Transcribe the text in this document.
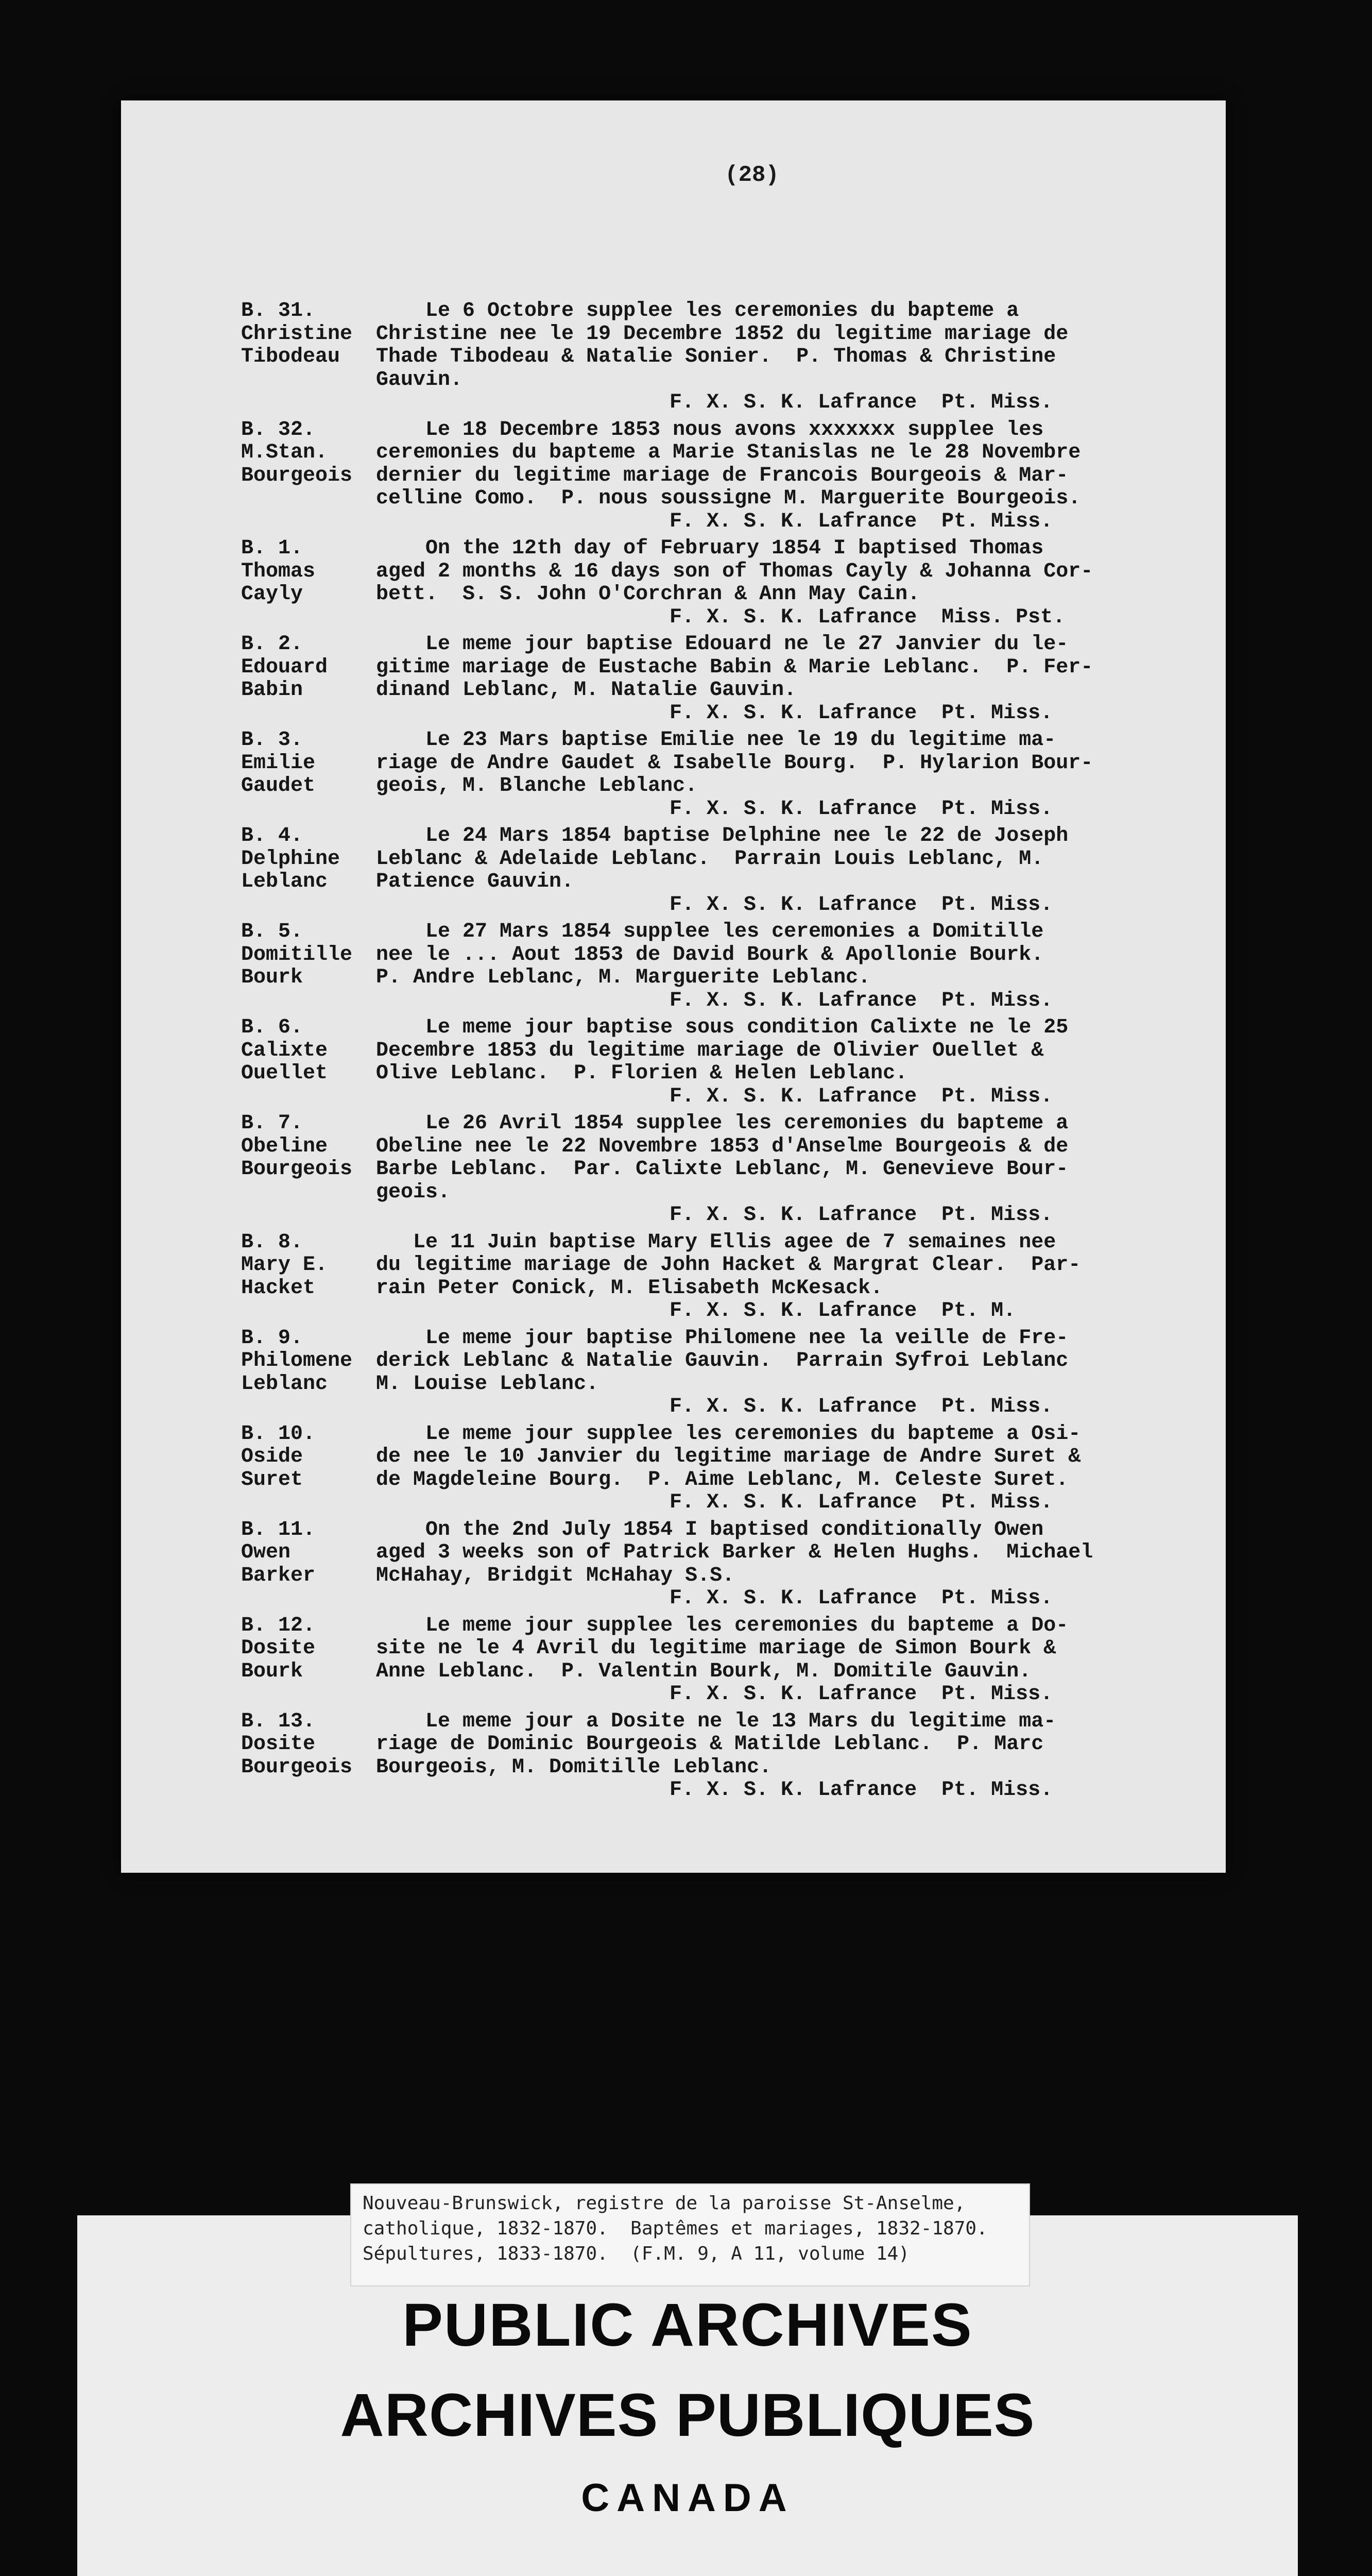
(28)
B. 31.
Christine
Tibodeau
Le 6 Octobre supplee les ceremonies du bapteme a
Christine nee le 19 Decembre 1852 du legitime mariage de
Thade Tibodeau & Natalie Sonier.  P. Thomas & Christine
Gauvin.
F. X. S. K. Lafrance  Pt. Miss.
B. 32.
M.Stan.
Bourgeois
Le 18 Decembre 1853 nous avons xxxxxxx supplee les
ceremonies du bapteme a Marie Stanislas ne le 28 Novembre
dernier du legitime mariage de Francois Bourgeois & Mar-
celline Como.  P. nous soussigne M. Marguerite Bourgeois.
F. X. S. K. Lafrance  Pt. Miss.
B. 1.
Thomas
Cayly
On the 12th day of February 1854 I baptised Thomas
aged 2 months & 16 days son of Thomas Cayly & Johanna Cor-
bett.  S. S. John O'Corchran & Ann May Cain.
F. X. S. K. Lafrance  Miss. Pst.
B. 2.
Edouard
Babin
Le meme jour baptise Edouard ne le 27 Janvier du le-
gitime mariage de Eustache Babin & Marie Leblanc.  P. Fer-
dinand Leblanc, M. Natalie Gauvin.
F. X. S. K. Lafrance  Pt. Miss.
B. 3.
Emilie
Gaudet
Le 23 Mars baptise Emilie nee le 19 du legitime ma-
riage de Andre Gaudet & Isabelle Bourg.  P. Hylarion Bour-
geois, M. Blanche Leblanc.
F. X. S. K. Lafrance  Pt. Miss.
B. 4.
Delphine
Leblanc
Le 24 Mars 1854 baptise Delphine nee le 22 de Joseph
Leblanc & Adelaide Leblanc.  Parrain Louis Leblanc, M.
Patience Gauvin.
F. X. S. K. Lafrance  Pt. Miss.
B. 5.
Domitille
Bourk
Le 27 Mars 1854 supplee les ceremonies a Domitille
nee le ... Aout 1853 de David Bourk & Apollonie Bourk.
P. Andre Leblanc, M. Marguerite Leblanc.
F. X. S. K. Lafrance  Pt. Miss.
B. 6.
Calixte
Ouellet
Le meme jour baptise sous condition Calixte ne le 25
Decembre 1853 du legitime mariage de Olivier Ouellet &
Olive Leblanc.  P. Florien & Helen Leblanc.
F. X. S. K. Lafrance  Pt. Miss.
B. 7.
Obeline
Bourgeois
Le 26 Avril 1854 supplee les ceremonies du bapteme a
Obeline nee le 22 Novembre 1853 d'Anselme Bourgeois & de
Barbe Leblanc.  Par. Calixte Leblanc, M. Genevieve Bour-
geois.
F. X. S. K. Lafrance  Pt. Miss.
B. 8.
Mary E.
Hacket
Le 11 Juin baptise Mary Ellis agee de 7 semaines nee
du legitime mariage de John Hacket & Margrat Clear.  Par-
rain Peter Conick, M. Elisabeth McKesack.
F. X. S. K. Lafrance  Pt. M.
B. 9.
Philomene
Leblanc
Le meme jour baptise Philomene nee la veille de Fre-
derick Leblanc & Natalie Gauvin.  Parrain Syfroi Leblanc
M. Louise Leblanc.
F. X. S. K. Lafrance  Pt. Miss.
B. 10.
Oside
Suret
Le meme jour supplee les ceremonies du bapteme a Osi-
de nee le 10 Janvier du legitime mariage de Andre Suret &
de Magdeleine Bourg.  P. Aime Leblanc, M. Celeste Suret.
F. X. S. K. Lafrance  Pt. Miss.
B. 11.
Owen
Barker
On the 2nd July 1854 I baptised conditionally Owen
aged 3 weeks son of Patrick Barker & Helen Hughs.  Michael
McHahay, Bridgit McHahay S.S.
F. X. S. K. Lafrance  Pt. Miss.
B. 12.
Dosite
Bourk
Le meme jour supplee les ceremonies du bapteme a Do-
site ne le 4 Avril du legitime mariage de Simon Bourk &
Anne Leblanc.  P. Valentin Bourk, M. Domitile Gauvin.
F. X. S. K. Lafrance  Pt. Miss.
B. 13.
Dosite
Bourgeois
Le meme jour a Dosite ne le 13 Mars du legitime ma-
riage de Dominic Bourgeois & Matilde Leblanc.  P. Marc
Bourgeois, M. Domitille Leblanc.
F. X. S. K. Lafrance  Pt. Miss.
Nouveau-Brunswick, registre de la paroisse St-Anselme,
catholique, 1832-1870.  Baptêmes et mariages, 1832-1870.
Sépultures, 1833-1870.  (F.M. 9, A 11, volume 14)
PUBLIC ARCHIVES
ARCHIVES PUBLIQUES
CANADA
